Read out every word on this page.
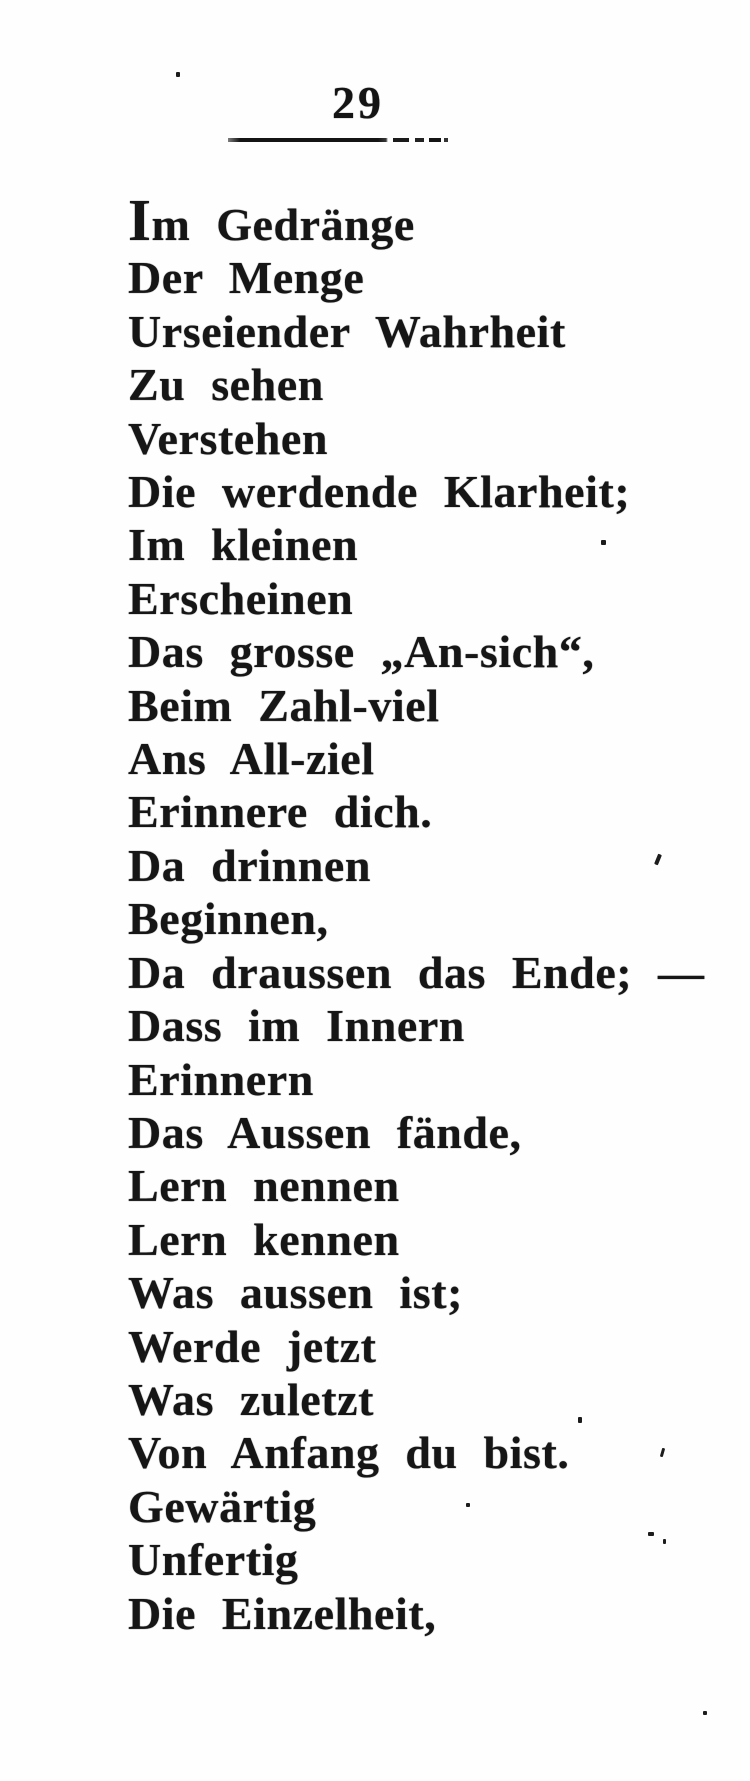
29
Im Gedränge
Der Menge
Urseiender Wahrheit
Zu sehen
Verstehen
Die werdende Klarheit;
Im kleinen
Erscheinen
Das grosse „An-sich“,
Beim Zahl-viel
Ans All-ziel
Erinnere dich.
Da drinnen
Beginnen,
Da draussen das Ende; —
Dass im Innern
Erinnern
Das Aussen fände,
Lern nennen
Lern kennen
Was aussen ist;
Werde jetzt
Was zuletzt
Von Anfang du bist.
Gewärtig
Unfertig
Die Einzelheit,
